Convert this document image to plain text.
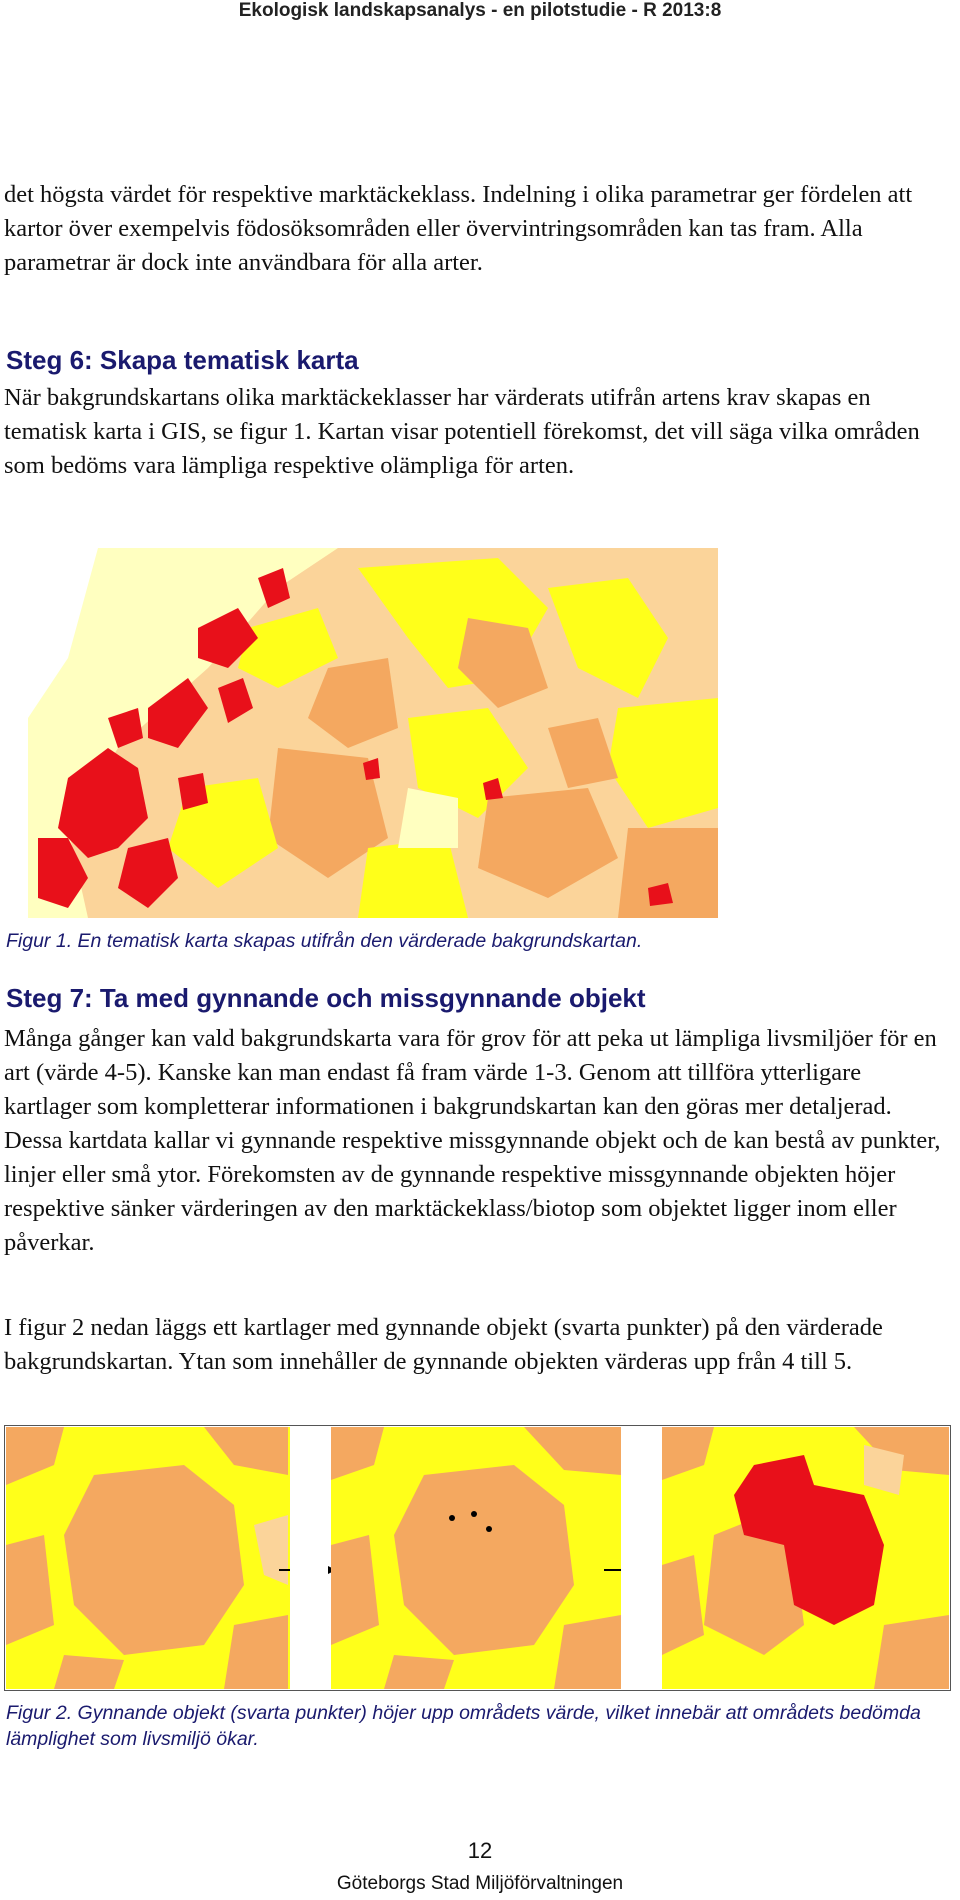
Ekologisk landskapsanalys - en pilotstudie - R 2013:8

det högsta värdet för respektive marktäckeklass. Indelning i olika parametrar ger fördelen att kartor över exempelvis födosöksområden eller övervintringsområden kan tas fram. Alla parametrar är dock inte användbara för alla arter.

Steg 6: Skapa tematisk karta

När bakgrundskartans olika marktäckeklasser har värderats utifrån artens krav skapas en tematisk karta i GIS, se figur 1. Kartan visar potentiell förekomst, det vill säga vilka områden som bedöms vara lämpliga respektive olämpliga för arten.

Figur 1. En tematisk karta skapas utifrån den värderade bakgrundskartan.

Steg 7: Ta med gynnande och missgynnande objekt

Många gånger kan vald bakgrundskarta vara för grov för att peka ut lämpliga livsmiljöer för en art (värde 4-5). Kanske kan man endast få fram värde 1-3. Genom att tillföra ytterligare kartlager som kompletterar informationen i bakgrundskartan kan den göras mer detaljerad. Dessa kartdata kallar vi gynnande respektive missgynnande objekt och de kan bestå av punkter, linjer eller små ytor. Förekomsten av de gynnande respektive missgynnande objekten höjer respektive sänker värderingen av den marktäckeklass/biotop som objektet ligger inom eller påverkar.

I figur 2 nedan läggs ett kartlager med gynnande objekt (svarta punkter) på den värderade bakgrundskartan. Ytan som innehåller de gynnande objekten värderas upp från 4 till 5.

Figur 2. Gynnande objekt (svarta punkter) höjer upp områdets värde, vilket innebär att områdets bedömda lämplighet som livsmiljö ökar.

12
Göteborgs Stad Miljöförvaltningen
